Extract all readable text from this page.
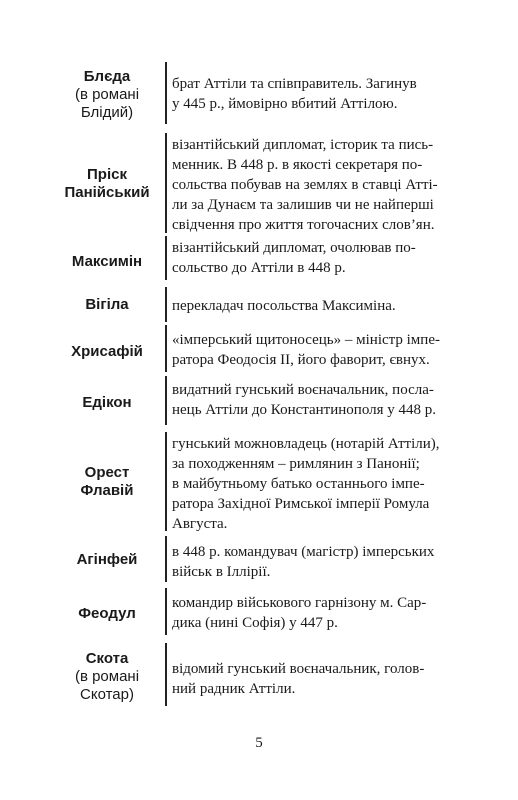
Блєда
(в романі
Блідий)
брат Аттіли та співправитель. Загинув
у 445 р., ймовірно вбитий Аттілою.
Пріск
Панійський
візантійський дипломат, історик та пись-
менник. В 448 р. в якості секретаря по-
сольства побував на землях в ставці Атті-
ли за Дунаєм та залишив чи не найперші
свідчення про життя тогочасних слов’ян.
Максимін
візантійський дипломат, очолював по-
сольство до Аттіли в 448 р.
Вігіла	перекладач посольства Максиміна.
Хрисафій
«імперський щитоносець» – міністр імпе-
ратора Феодосія ІІ, його фаворит, євнух.
Едікон
видатний гунський воєначальник, посла-
нець Аттіли до Константинополя у 448 р.
Орест
Флавій
гунський можновладець (нотарій Аттіли),
за походженням – римлянин з Панонії;
в майбутньому батько останнього імпе-
ратора Західної Римської імперії Ромула
Августа.
Агінфей	в 448 р. командувач (магістр) імперських
військ в Іллірії.
Феодул
командир військового гарнізону м. Сар-
дика (нині Софія) у 447 р.
Скота
(в романі
Скотар)
відомий гунський воєначальник, голов-
ний радник Аттіли.
5
